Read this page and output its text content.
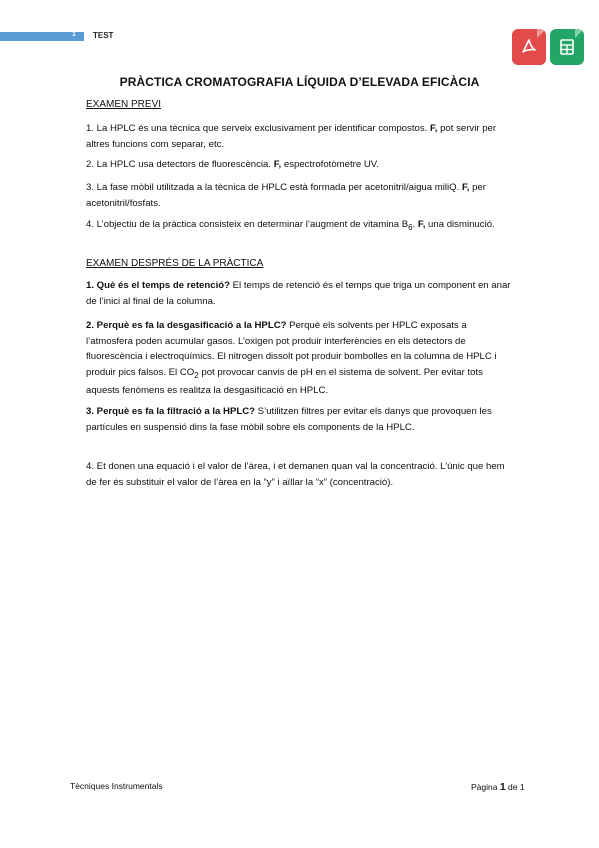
1 TEST
PRÀCTICA CROMATOGRAFIA LÍQUIDA D’ELEVADA EFICÀCIA
EXAMEN PREVI
1. La HPLC és una tècnica que serveix exclusivament per identificar compostos. F, pot servir per altres funcions com separar, etc.
2. La HPLC usa detectors de fluorescència. F, espectrofotòmetre UV.
3. La fase mòbil utilitzada a la tècnica de HPLC està formada per acetonitril/aigua miliQ. F, per acetonitril/fosfats.
4. L’objectiu de la pràctica consisteix en determinar l’augment de vitamina $B_6$. F, una disminució.
EXAMEN DESPRÉS DE LA PRÀCTICA
1. Què és el temps de retenció? El temps de retenció és el temps que triga un component en anar de l’inici al final de la columna.
2. Perquè es fa la desgasificació a la HPLC? Perquè els solvents per HPLC exposats a l’atmosfera poden acumular gasos. L’oxigen pot produir interferències en els detectors de fluorescència i electroquímics. El nitrogen dissolt pot produir bombolles en la columna de HPLC i produir pics falsos. El $CO_2$ pot provocar canvis de pH en el sistema de solvent. Per evitar tots aquests fenòmens es realitza la desgasificació en HPLC.
3. Perquè es fa la filtració a la HPLC? S’utilitzen filtres per evitar els danys que provoquen les partícules en suspensió dins la fase mòbil sobre els components de la HPLC.
4. Et donen una equació i el valor de l’àrea, i et demanen quan val la concentració. L’únic que hem de fer és substituir el valor de l’àrea en la “y” i aïllar la “x” (concentració).
Tècniques Instrumentals	Pàgina 1 de 1
